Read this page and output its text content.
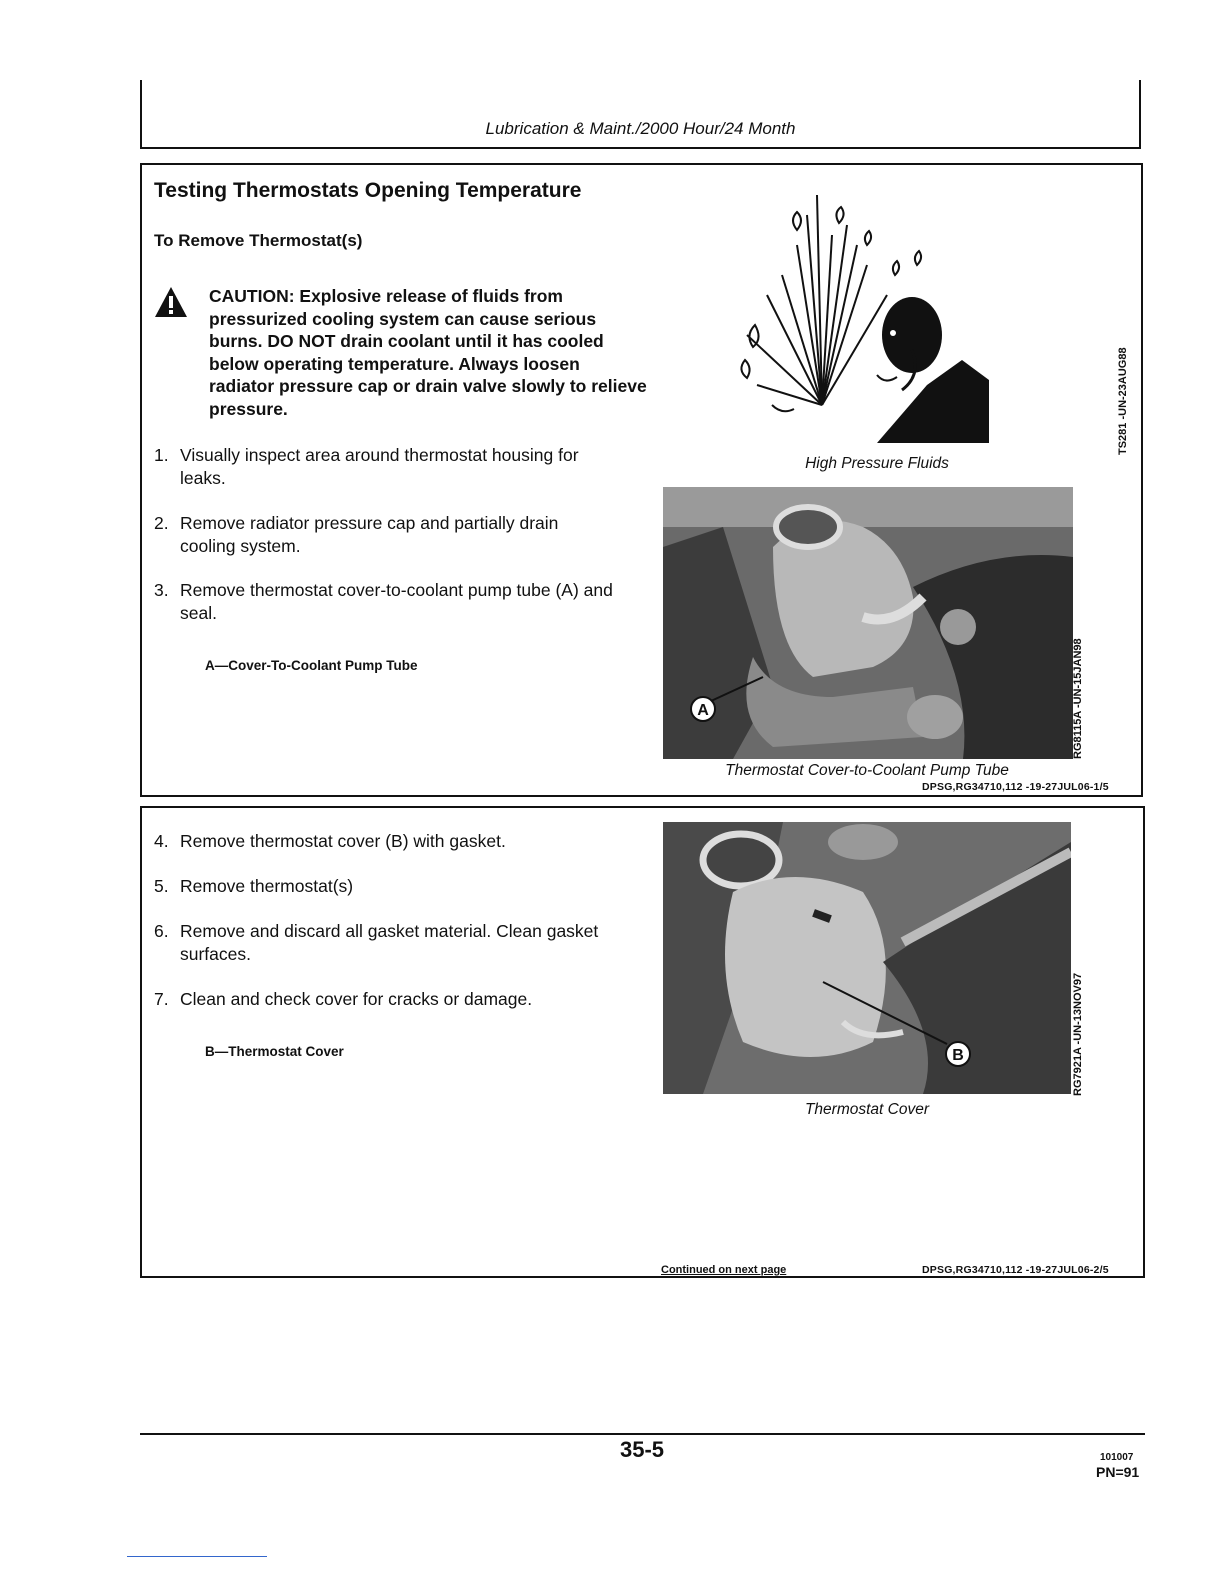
Lubrication & Maint./2000 Hour/24 Month
Testing Thermostats Opening Temperature
To Remove Thermostat(s)
CAUTION: Explosive release of fluids from pressurized cooling system can cause serious burns. DO NOT drain coolant until it has cooled below operating temperature. Always loosen radiator pressure cap or drain valve slowly to relieve pressure.
1. Visually inspect area around thermostat housing for leaks.
2. Remove radiator pressure cap and partially drain cooling system.
3. Remove thermostat cover-to-coolant pump tube (A) and seal.
A—Cover-To-Coolant Pump Tube
High Pressure Fluids
TS281 -UN-23AUG88
A	RG8115A -UN-15JAN98
Thermostat Cover-to-Coolant Pump Tube
DPSG,RG34710,112 -19-27JUL06-1/5
4. Remove thermostat cover (B) with gasket.
5. Remove thermostat(s)
6. Remove and discard all gasket material. Clean gasket surfaces.
7. Clean and check cover for cracks or damage.
B—Thermostat Cover	B	RG7921A -UN-13NOV97
Thermostat Cover
Continued on next page	DPSG,RG34710,112 -19-27JUL06-2/5
35-5	101007
PN=91
